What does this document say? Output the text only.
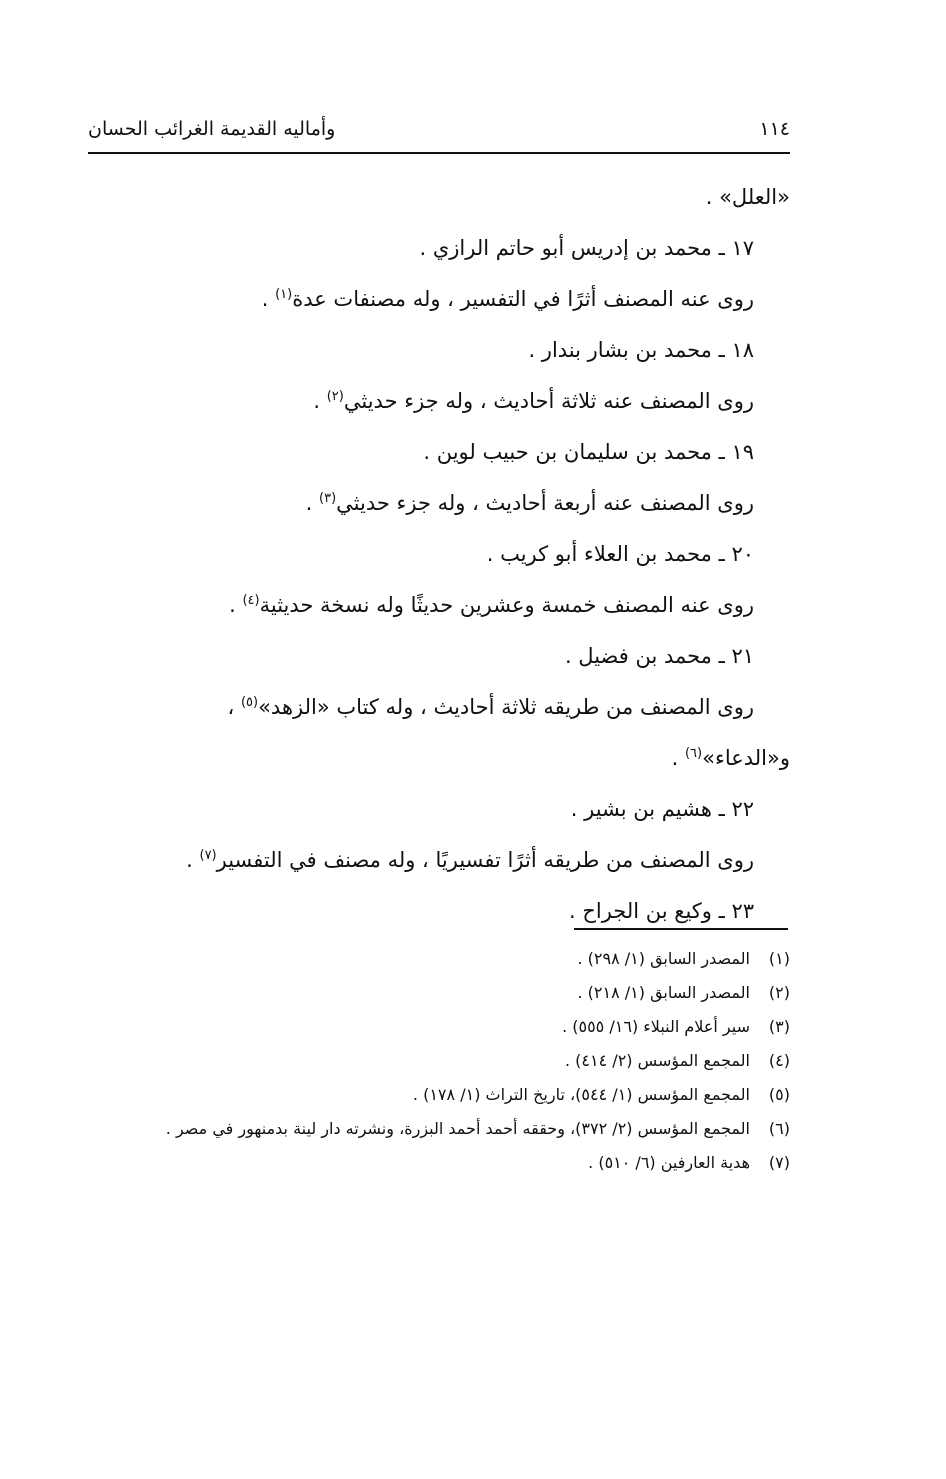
١١٤
وأماليه القديمة الغرائب الحسان
«العلل» .
١٧ ـ محمد بن إدريس أبو حاتم الرازي .
روى عنه المصنف أثرًا في التفسير ، وله مصنفات عدة$^{(١)}$ .
١٨ ـ محمد بن بشار بندار .
روى المصنف عنه ثلاثة أحاديث ، وله جزء حديثي$^{(٢)}$ .
١٩ ـ محمد بن سليمان بن حبيب لوين .
روى المصنف عنه أربعة أحاديث ، وله جزء حديثي$^{(٣)}$ .
٢٠ ـ محمد بن العلاء أبو كريب .
روى عنه المصنف خمسة وعشرين حديثًا وله نسخة حديثية$^{(٤)}$ .
٢١ ـ محمد بن فضيل .
روى المصنف من طريقه ثلاثة أحاديث ، وله كتاب «الزهد»$^{(٥)}$ ،
و«الدعاء»$^{(٦)}$ .
٢٢ ـ هشيم بن بشير .
روى المصنف من طريقه أثرًا تفسيريًا ، وله مصنف في التفسير$^{(٧)}$ .
٢٣ ـ وكيع بن الجراح .
(١)
المصدر السابق (١/ ٢٩٨) .
(٢)
المصدر السابق (١/ ٢١٨) .
(٣)
سير أعلام النبلاء (١٦/ ٥٥٥) .
(٤)
المجمع المؤسس (٢/ ٤١٤) .
(٥)
المجمع المؤسس (١/ ٥٤٤)، تاريخ التراث (١/ ١٧٨) .
(٦)
المجمع المؤسس (٢/ ٣٧٢)، وحققه أحمد أحمد البزرة، ونشرته دار لينة بدمنهور في مصر .
(٧)
هدية العارفين (٦/ ٥١٠) .
